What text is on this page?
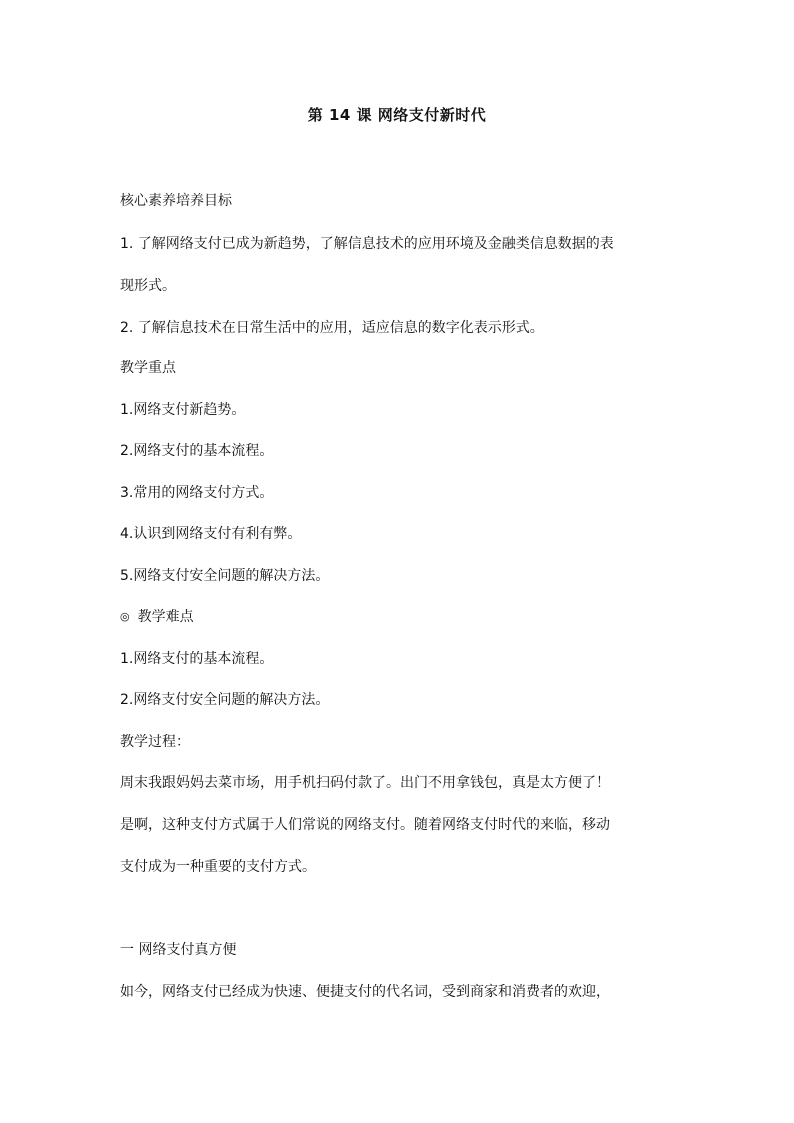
第 14 课 网络支付新时代
核心素养培养目标
1. 了解网络支付已成为新趋势，了解信息技术的应用环境及金融类信息数据的表
现形式。
2. 了解信息技术在日常生活中的应用，适应信息的数字化表示形式。
教学重点
1.网络支付新趋势。
2.网络支付的基本流程。
3.常用的网络支付方式。
4.认识到网络支付有利有弊。
5.网络支付安全问题的解决方法。
◎ 教学难点
1.网络支付的基本流程。
2.网络支付安全问题的解决方法。
教学过程：
周末我跟妈妈去菜市场，用手机扫码付款了。出门不用拿钱包，真是太方便了！
是啊，这种支付方式属于人们常说的网络支付。随着网络支付时代的来临，移动
支付成为一种重要的支付方式。
一 网络支付真方便
如今，网络支付已经成为快速、便捷支付的代名词，受到商家和消费者的欢迎，
